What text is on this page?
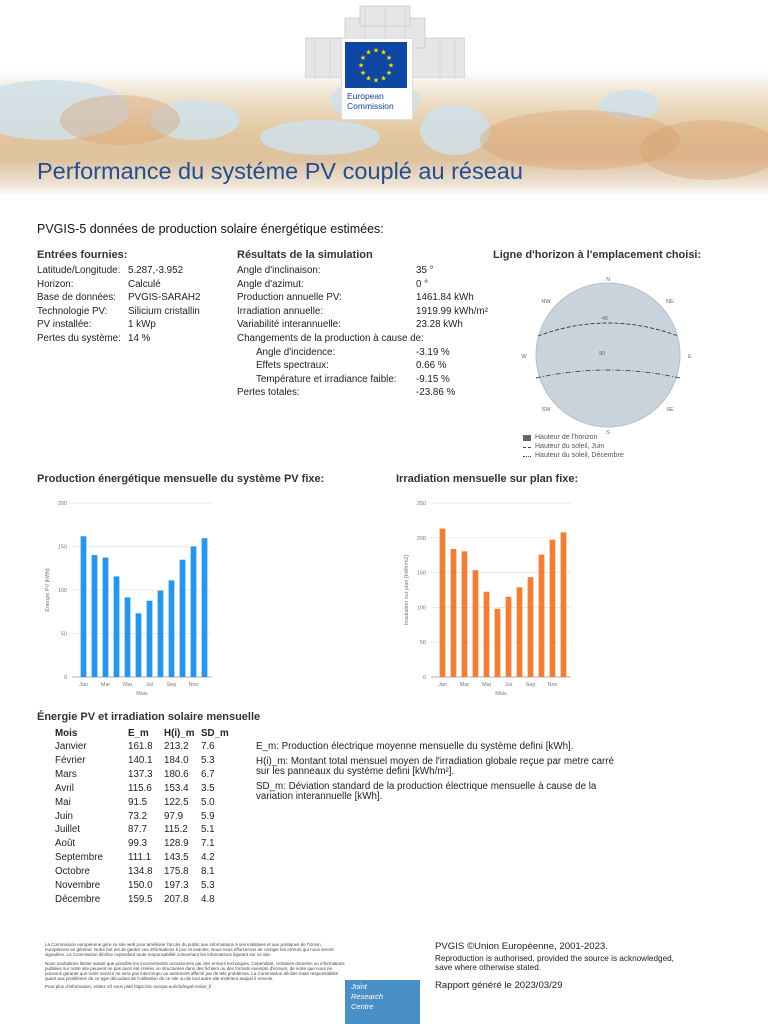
★ ★
★
★
★
★
★
★
★
★
★
★
European
Commission
Performance du systéme PV couplé au réseau
PVGIS-5 données de production solaire énergétique estimées:
Entrées fournies:
Latitude/Longitude: 5.287,-3.952
Horizon:	Calculé
Base de données: PVGIS-SARAH2
Technologie PV: Silicium cristallin
PV installée:	1 kWp
Pertes du système: 14 %
Résultats de la simulation
Angle d'inclinaison:	35 °
Angle d'azimut:	0 °
Production annuelle PV:	1461.84 kWh
Irradiation annuelle:	1919.99 kWh/m²
Variabilité interannuelle:	23.28 kWh
Changements de la production à cause de:
Angle d'incidence:	-3.19 %
Effets spectraux:	0.66 %
Température et irradiance faible: -9.15 %
Pertes totales:	-23.86 %
Ligne d'horizon à l'emplacement choisi:
N
NE
E
SE
S
SW
W
NW
45
90
Hauteur de l'horizon
Hauteur du soleil, Juin
Hauteur du soleil, Décembre
Production énergétique mensuelle du système PV fixe:
0
50
100
150
200
Jan Mar Mai	Jui Sep Nov
Énergie PV [kWh]
Mois
Irradiation mensuelle sur plan fixe:
0
50
100
150
200
250
Jan Mar Mai	Jui Sep Nov
Irradiation sur plan [kWh/m2]
Mois
Énergie PV et irradiation solaire mensuelle
Mois	E_m H(i)_m SD_m
Janvier	161.8 213.2 7.6
Février	140.1 184.0 5.3
Mars	137.3 180.6 6.7
Avril	115.6 153.4 3.5
Mai	91.5 122.5 5.0
Juin	73.2 97.9 5.9
Juillet	87.7 115.2 5.1
Août	99.3 128.9 7.1
Septembre	111.1 143.5 4.2
Octobre	134.8 175.8 8.1
Novembre	150.0 197.3 5.3
Décembre	159.5 207.8 4.8
E_m: Production électrique moyenne mensuelle du système defini [kWh].
H(i)_m: Montant total mensuel moyen de l'irradiation globale reçue par metre carré sur les panneaux du système defini [kWh/m²].
SD_m: Déviation standard de la production électrique mensuelle à cause de la variation interannuelle [kWh].

La Commission européenne gère ce site web pour améliorer l'accès du public aux informations à ses initiatives et aux politiques de l'Union européenne en général. Notre but est de garder ces informations à jour et exactes. Nous nous efforcerons de corriger les erreurs qui nous seront signalées. La Commission décline cependant toute responsabilité concernant les informations figurant sur ce site.

Nous souhaitons limiter autant que possible les inconvénients occasionnés par des erreurs techniques. Cependant, certaines données ou informations publiées sur notre site peuvent ne pas avoir été créées ou structurées dans des fichiers ou des formats exempts d'erreurs, de sorte que nous ne pouvons garantir que notre service ne sera pas interrompu ou autrement affecté par de tels problèmes. La Commission décline toute responsabilité quant aux problèmes de ce type découlant de l'utilisation de ce site ou de tout autre site extérieur auquel il renvoie.

Pour plus d'information, visitez s'il vous plaît https://ec.europa.eu/info/legal-notice_fr	Joint
Research
Centre
PVGIS ©Union Européenne, 2001-2023.
Reproduction is authorised, provided the source is acknowledged,
save where otherwise stated.
Rapport généré le 2023/03/29
